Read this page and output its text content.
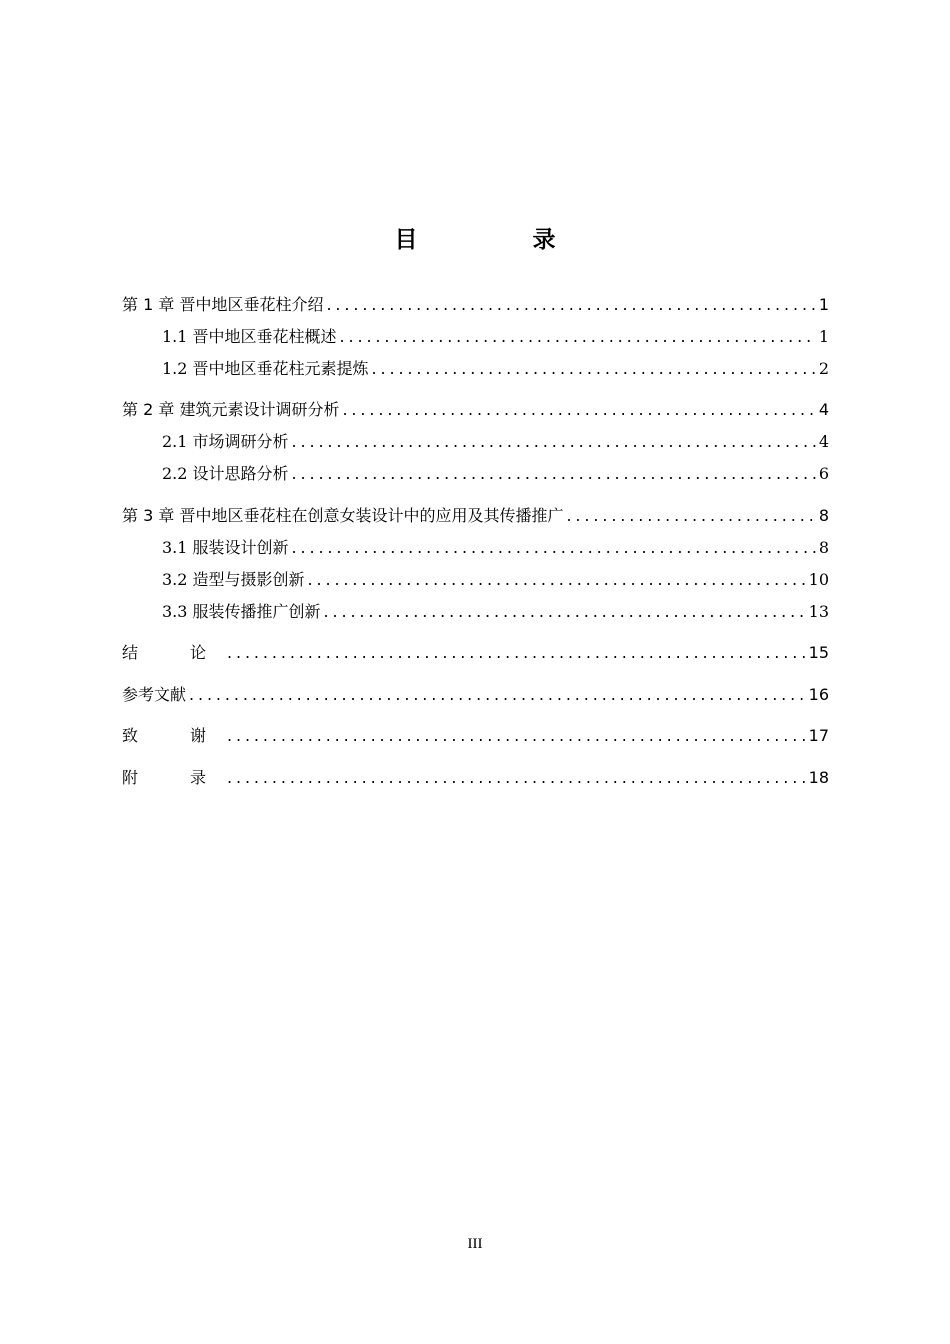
目　录
第 1 章 晋中地区垂花柱介绍 . . .	1
1.1 晋中地区垂花柱概述 . . .	1
1.2 晋中地区垂花柱元素提炼 . . .	2
第 2 章 建筑元素设计调研分析 . . .	4
2.1 市场调研分析 . . .	4
2.2 设计思路分析 . . .	6
第 3 章 晋中地区垂花柱在创意女装设计中的应用及其传播推广 . . .	8
3.1 服装设计创新 . . .	8
3.2 造型与摄影创新 . . .	10
3.3 服装传播推广创新 . . .	13
结　论 . . .	15
参考文献 . . .	16
致　谢 . . .	17
附　录 . . .	18
III
